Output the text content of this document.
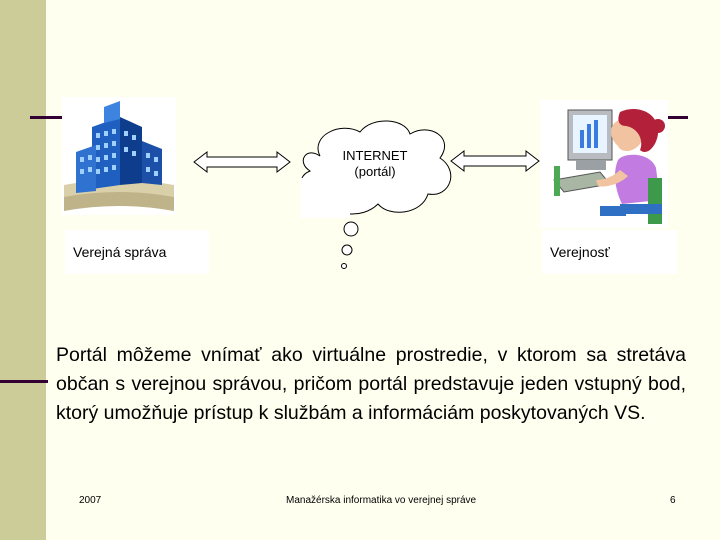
INTERNET
(portál)
Verejná správa	Verejnosť
Portál môžeme vnímať ako virtuálne prostredie, v ktorom sa stretáva občan s verejnou správou, pričom portál predstavuje jeden vstupný bod, ktorý umožňuje prístup k službám a informáciám poskytovaných VS.
2007	Manažérska informatika vo verejnej správe	6
